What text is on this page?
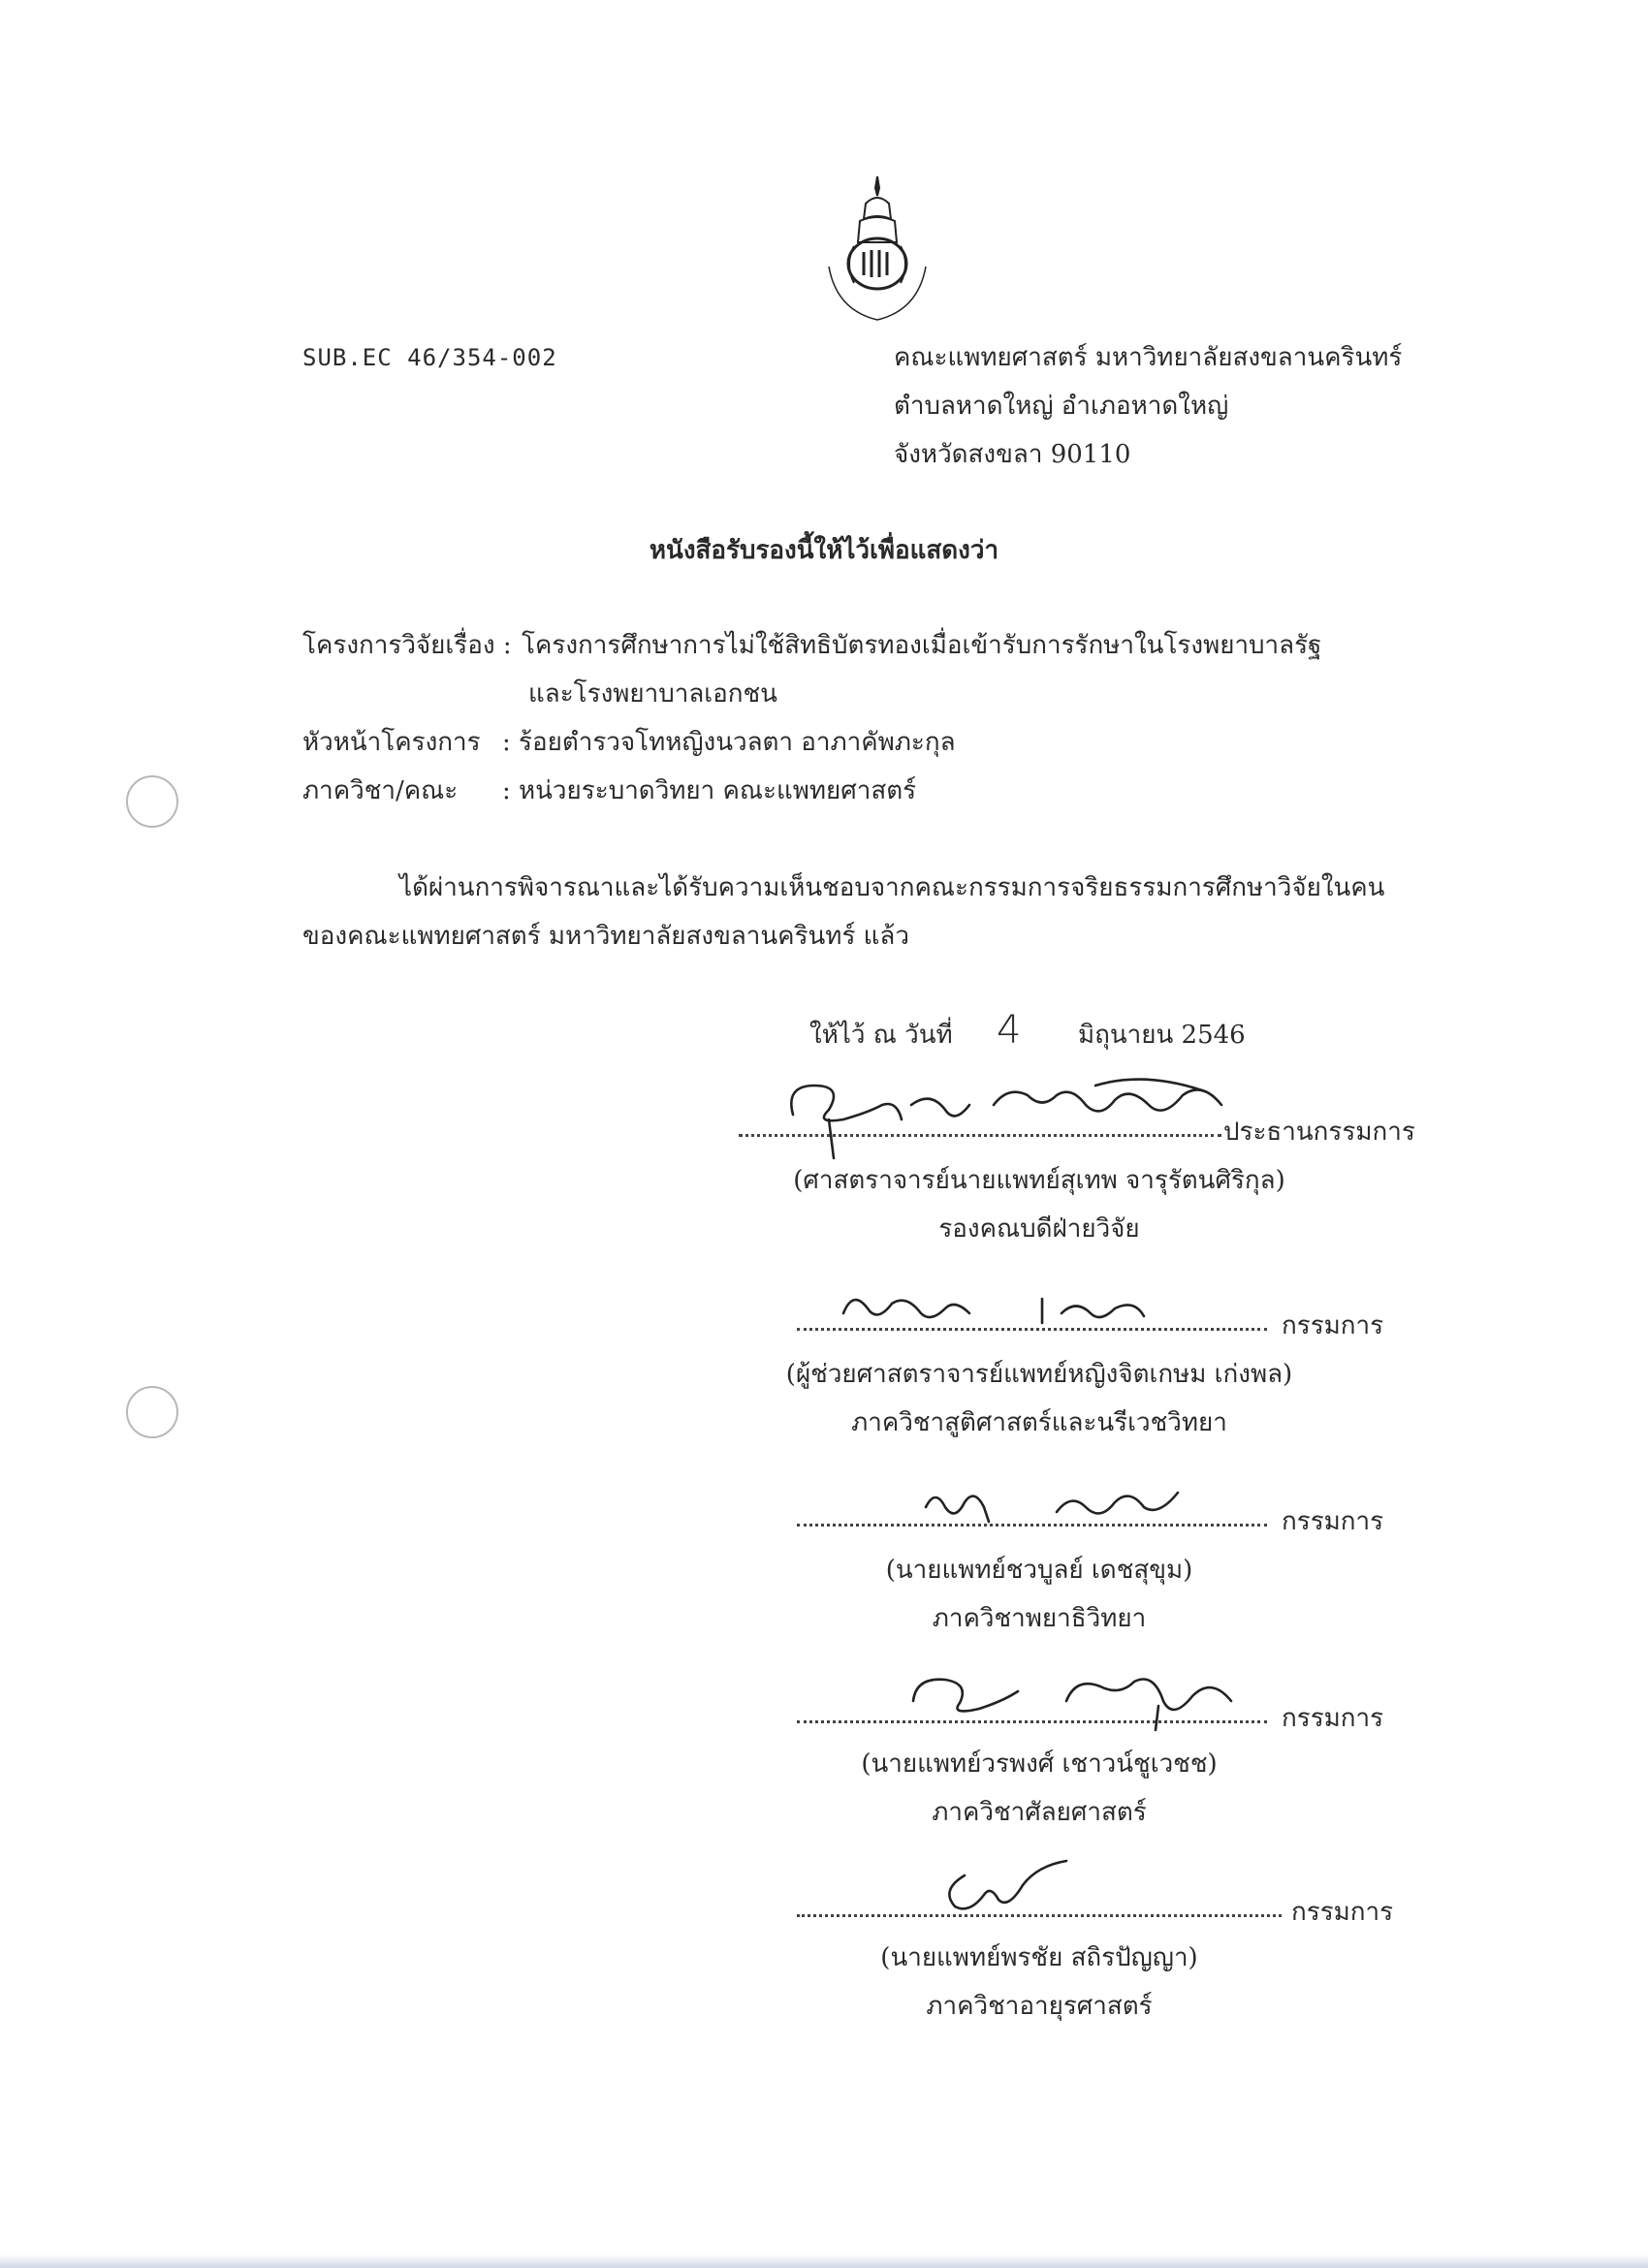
SUB.EC 46/354-002	คณะแพทยศาสตร์ มหาวิทยาลัยสงขลานครินทร์
ตำบลหาดใหญ่ อำเภอหาดใหญ่
จังหวัดสงขลา 90110
หนังสือรับรองนี้ให้ไว้เพื่อแสดงว่า
โครงการวิจัยเรื่อง : โครงการศึกษาการไม่ใช้สิทธิบัตรทองเมื่อเข้ารับการรักษาในโรงพยาบาลรัฐ
และโรงพยาบาลเอกชน
หัวหน้าโครงการ : ร้อยตำรวจโทหญิงนวลตา อาภาคัพภะกุล
ภาควิชา/คณะ : หน่วยระบาดวิทยา คณะแพทยศาสตร์
ได้ผ่านการพิจารณาและได้รับความเห็นชอบจากคณะกรรมการจริยธรรมการศึกษาวิจัยในคน
ของคณะแพทยศาสตร์ มหาวิทยาลัยสงขลานครินทร์ แล้ว
ให้ไว้ ณ วันที่ 4 มิถุนายน 2546
ประธานกรรมการ
(ศาสตราจารย์นายแพทย์สุเทพ จารุรัตนศิริกุล)
รองคณบดีฝ่ายวิจัย
กรรมการ
(ผู้ช่วยศาสตราจารย์แพทย์หญิงจิตเกษม เก่งพล)
ภาควิชาสูติศาสตร์และนรีเวชวิทยา
กรรมการ
(นายแพทย์ชวบูลย์ เดชสุขุม)
ภาควิชาพยาธิวิทยา
กรรมการ
(นายแพทย์วรพงศ์ เชาวน์ชูเวชช)
ภาควิชาศัลยศาสตร์
กรรมการ
(นายแพทย์พรชัย สถิรปัญญา)
ภาควิชาอายุรศาสตร์
